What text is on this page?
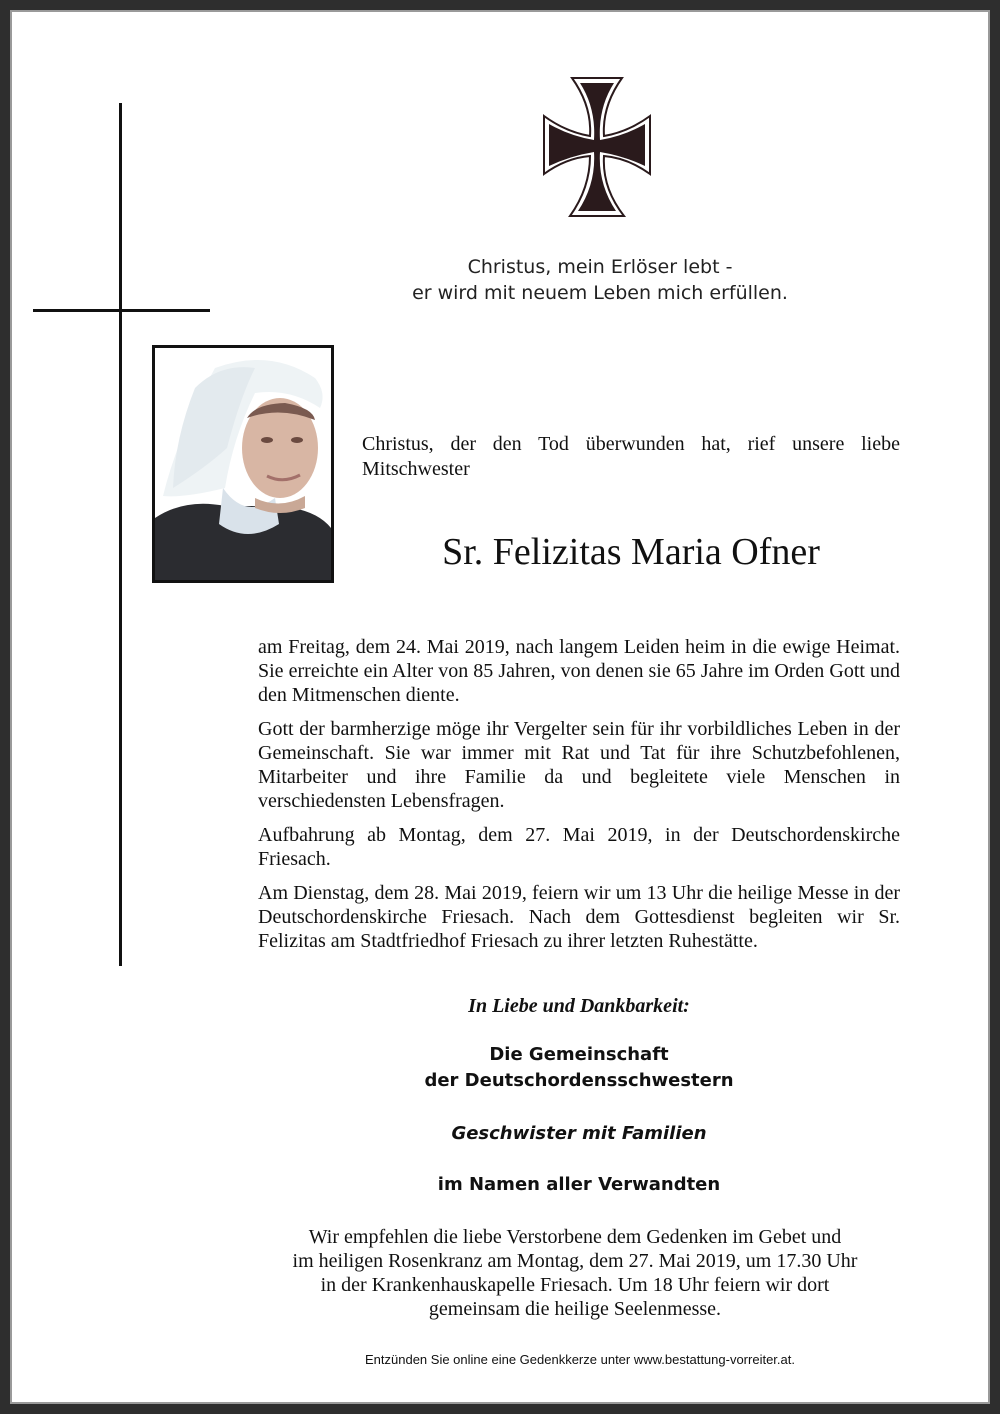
Christus, mein Erlöser lebt -
er wird mit neuem Leben mich erfüllen.
Christus, der den Tod überwunden hat, rief unsere liebe Mitschwester
Sr. Felizitas Maria Ofner

am Freitag, dem 24. Mai 2019, nach langem Leiden heim in die ewige Heimat. Sie erreichte ein Alter von 85 Jahren, von denen sie 65 Jahre im Orden Gott und den Mitmenschen diente.

Gott der barmherzige möge ihr Vergelter sein für ihr vorbildliches Leben in der Gemeinschaft. Sie war immer mit Rat und Tat für ihre Schutzbefohlenen, Mitarbeiter und ihre Familie da und begleitete viele Menschen in verschiedensten Lebensfragen.

Aufbahrung ab Montag, dem 27. Mai 2019, in der Deutschordenskirche Friesach.

Am Dienstag, dem 28. Mai 2019, feiern wir um 13 Uhr die heilige Messe in der Deutschordenskirche Friesach. Nach dem Gottesdienst begleiten wir Sr. Felizitas am Stadtfriedhof Friesach zu ihrer letzten Ruhestätte.

In Liebe und Dankbarkeit:
Die Gemeinschaft
der Deutschordensschwestern
Geschwister mit Familien
im Namen aller Verwandten
Wir empfehlen die liebe Verstorbene dem Gedenken im Gebet und
im heiligen Rosenkranz am Montag, dem 27. Mai 2019, um 17.30 Uhr
in der Krankenhauskapelle Friesach. Um 18 Uhr feiern wir dort
gemeinsam die heilige Seelenmesse.
Entzünden Sie online eine Gedenkkerze unter www.bestattung-vorreiter.at.
